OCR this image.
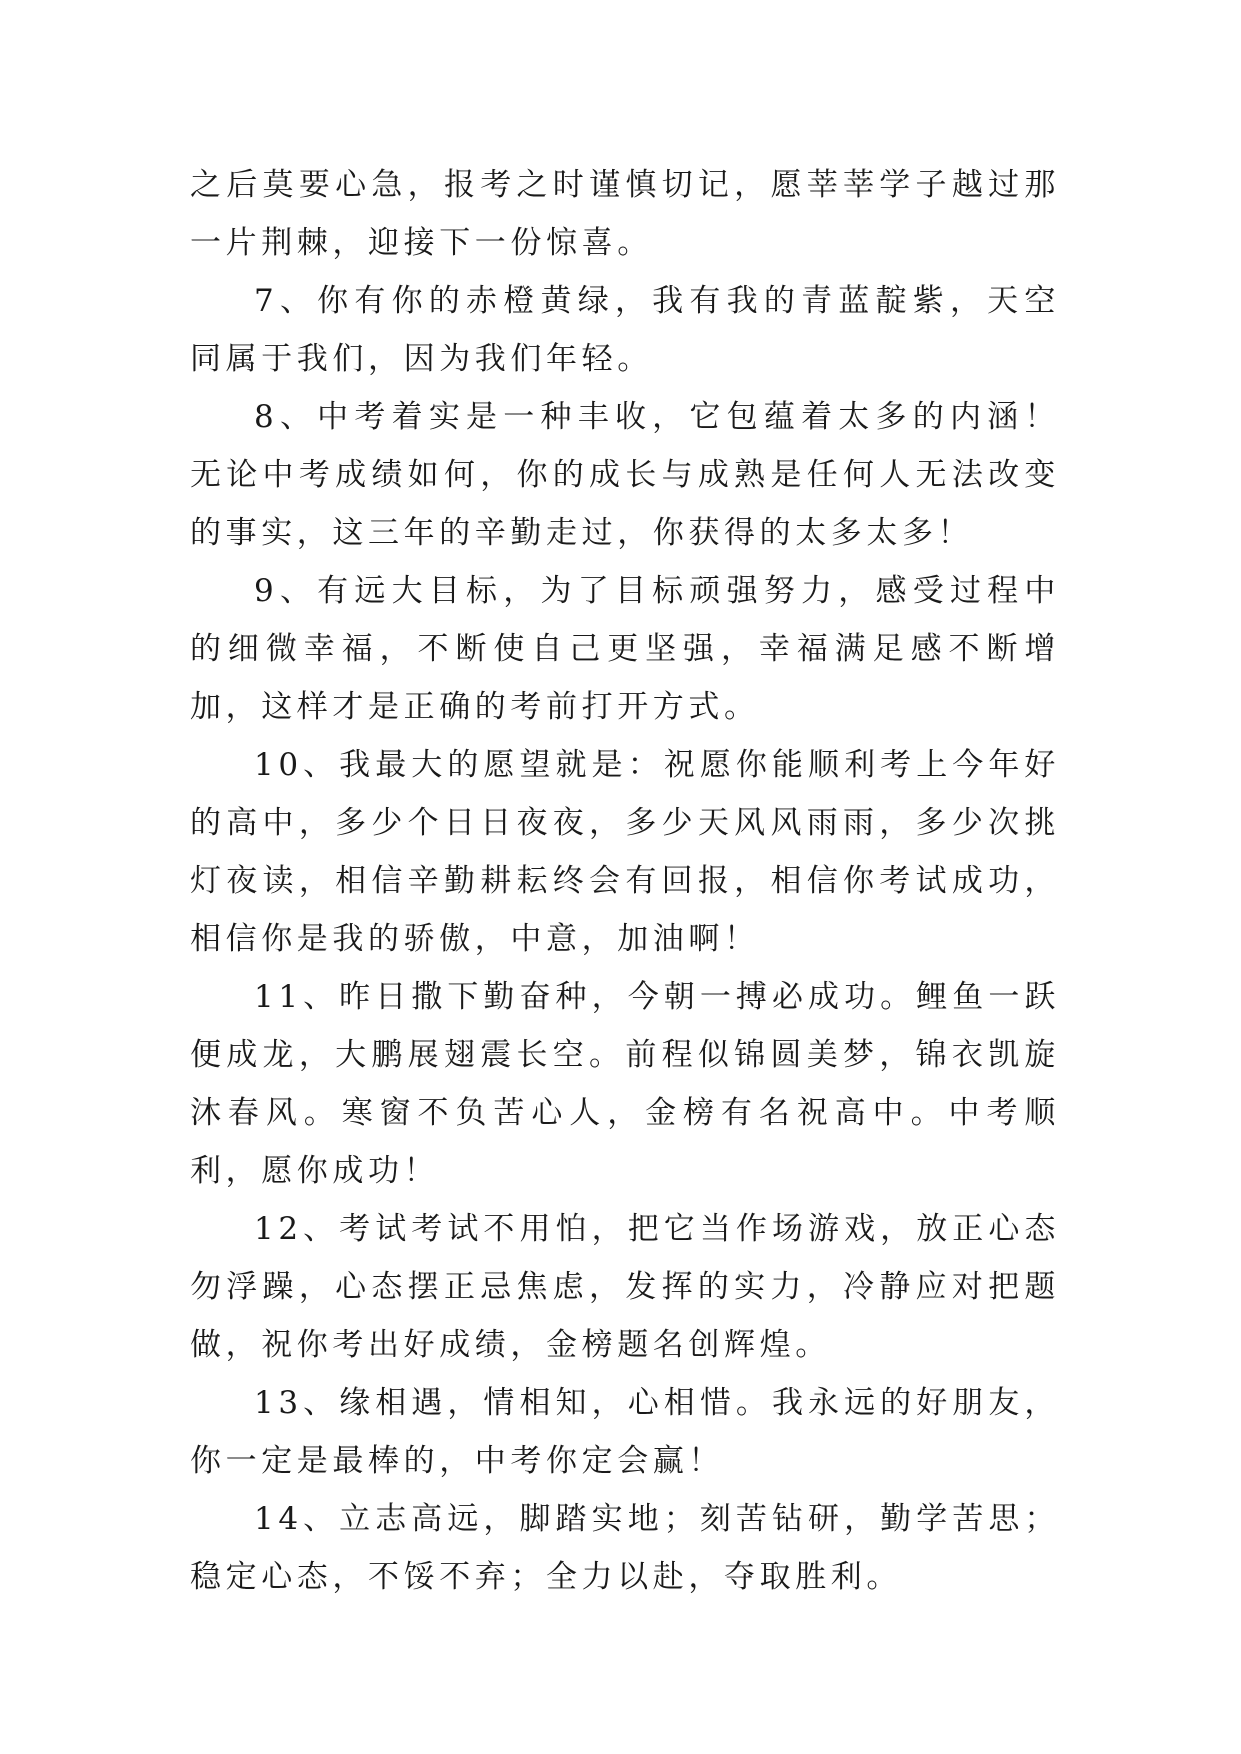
之后莫要心急，报考之时谨慎切记，愿莘莘学子越过那一片荆棘，迎接下一份惊喜。

7、你有你的赤橙黄绿，我有我的青蓝靛紫，天空同属于我们，因为我们年轻。

8、中考着实是一种丰收，它包蕴着太多的内涵！无论中考成绩如何，你的成长与成熟是任何人无法改变的事实，这三年的辛勤走过，你获得的太多太多！

9、有远大目标，为了目标顽强努力，感受过程中的细微幸福，不断使自己更坚强，幸福满足感不断增加，这样才是正确的考前打开方式。

10、我最大的愿望就是：祝愿你能顺利考上今年好的高中，多少个日日夜夜，多少天风风雨雨，多少次挑灯夜读，相信辛勤耕耘终会有回报，相信你考试成功，相信你是我的骄傲，中意，加油啊！

11、昨日撒下勤奋种，今朝一搏必成功。鲤鱼一跃便成龙，大鹏展翅震长空。前程似锦圆美梦，锦衣凯旋沐春风。寒窗不负苦心人，金榜有名祝高中。中考顺利，愿你成功！

12、考试考试不用怕，把它当作场游戏，放正心态勿浮躁，心态摆正忌焦虑，发挥的实力，冷静应对把题做，祝你考出好成绩，金榜题名创辉煌。

13、缘相遇，情相知，心相惜。我永远的好朋友，你一定是最棒的，中考你定会赢！

14、立志高远，脚踏实地；刻苦钻研，勤学苦思；稳定心态，不馁不弃；全力以赴，夺取胜利。
